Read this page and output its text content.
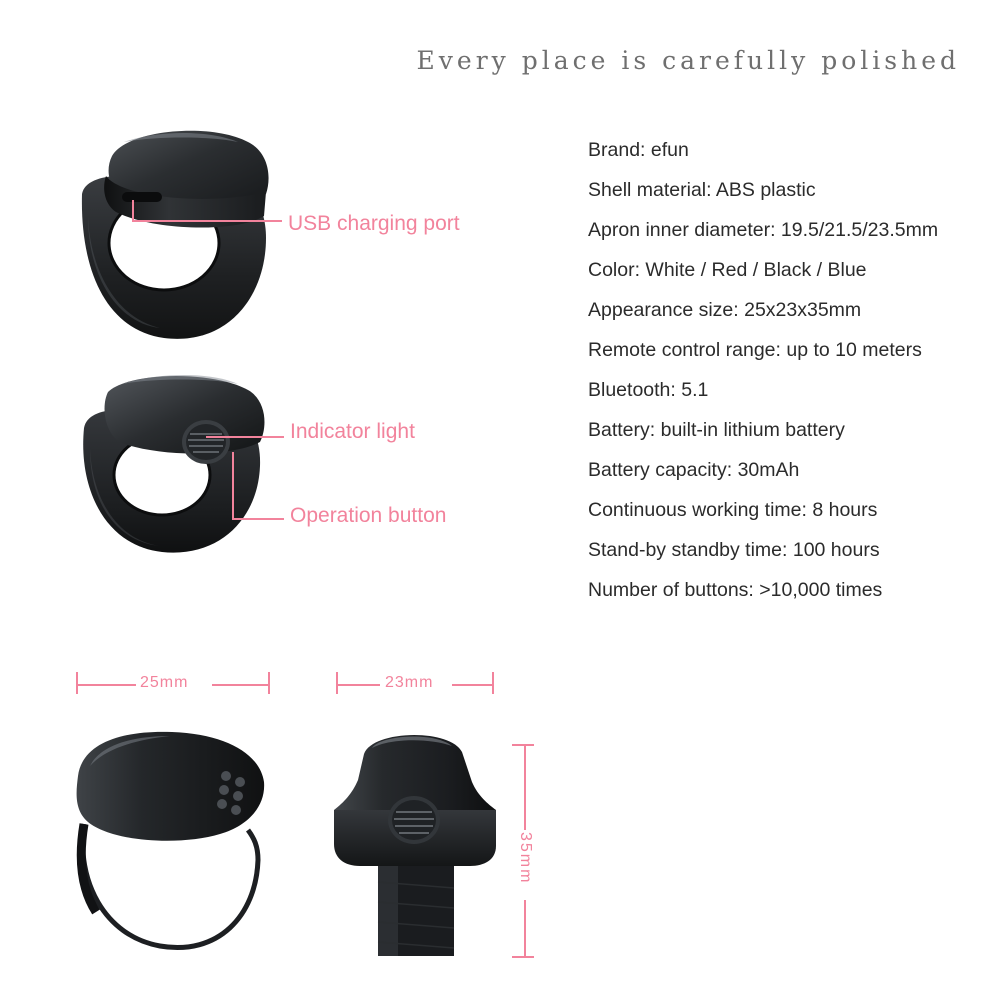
Every place is carefully polished
USB charging port
Indicator light
Operation button
25mm	23mm
35mm
Brand: efun
Shell material: ABS plastic
Apron inner diameter: 19.5/21.5/23.5mm
Color: White / Red / Black / Blue
Appearance size: 25x23x35mm
Remote control range: up to 10 meters
Bluetooth: 5.1
Battery: built-in lithium battery
Battery capacity: 30mAh
Continuous working time: 8 hours
Stand-by standby time: 100 hours
Number of buttons: >10,000 times
